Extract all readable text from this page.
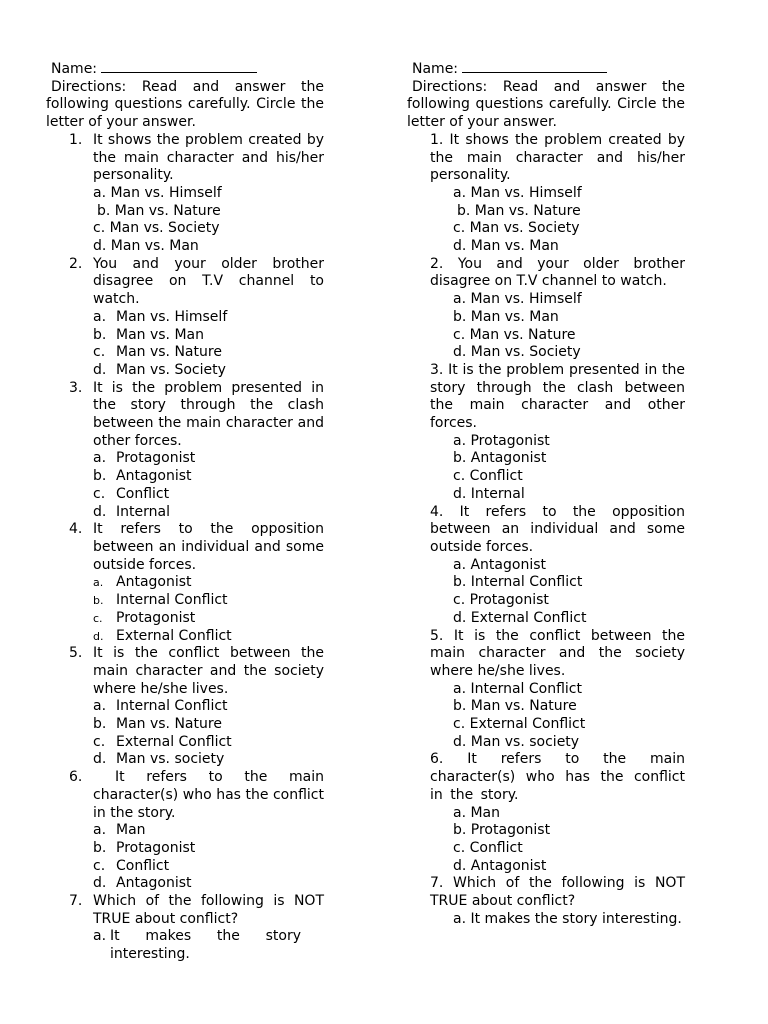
Name:
Directions: Read and answer the following questions carefully. Circle the letter of your answer.
1. It shows the problem created by the main character and his/her personality.
a. Man vs. Himself
b. Man vs. Nature
c. Man vs. Society
d. Man vs. Man
2. You and your older brother disagree on T.V channel to watch.
a. Man vs. Himself
b. Man vs. Man
c. Man vs. Nature
d. Man vs. Society
3. It is the problem presented in the story through the clash between the main character and other forces.
a. Protagonist
b. Antagonist
c. Conflict
d. Internal
4. It refers to the opposition between an individual and some outside forces.
a. Antagonist
b. Internal Conflict
c. Protagonist
d. External Conflict
5. It is the conflict between the main character and the society where he/she lives.
a. Internal Conflict
b. Man vs. Nature
c. External Conflict
d. Man vs. society
6.	It refers to the main character(s) who has the conflict in the story.
a. Man
b. Protagonist
c. Conflict
d. Antagonist
7. Which of the following is NOT TRUE about conflict?
a. It makes the story interesting.
Name:
Directions: Read and answer the following questions carefully. Circle the letter of your answer.
1. It shows the problem created by the main character and his/her personality.
a. Man vs. Himself
b. Man vs. Nature
c. Man vs. Society
d. Man vs. Man
2. You and your older brother disagree on T.V channel to watch.
a. Man vs. Himself
b. Man vs. Man
c. Man vs. Nature
d. Man vs. Society
3. It is the problem presented in the story through the clash between the main character and other forces.
a. Protagonist
b. Antagonist
c. Conflict
d. Internal
4. It refers to the opposition between an individual and some outside forces.
a. Antagonist
b. Internal Conflict
c. Protagonist
d. External Conflict
5. It is the conflict between the main character and the society where he/she lives.
a. Internal Conflict
b. Man vs. Nature
c. External Conflict
d. Man vs. society
6. It refers to the main character(s) who has the conflict in the story.
a. Man
b. Protagonist
c. Conflict
d. Antagonist
7. Which of the following is NOT TRUE about conflict?
a. It makes the story interesting.
